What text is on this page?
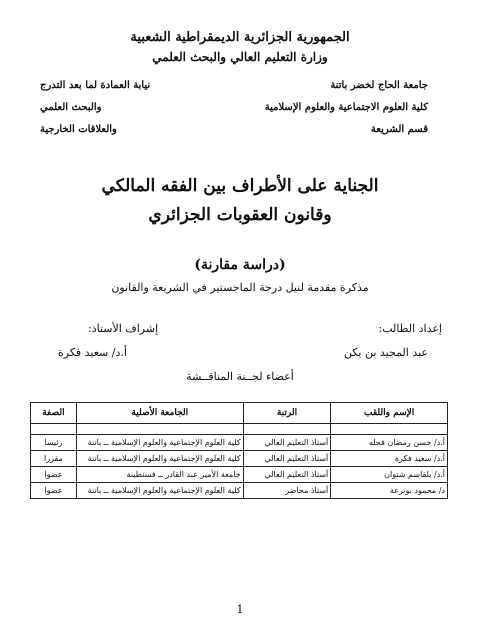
الجمهورية الجزائرية الديمقراطية الشعبية
وزارة التعليم العالي والبحث العلمي
جامعة الحاج لخضر باتنة
كلية العلوم الاجتماعية والعلوم الإسلامية
قسم الشريعة
نيابة العمادة لما بعد التدرج
والبحث العلمي
والعلاقات الخارجية
الجناية على الأطراف بين الفقه المالكي
وقانون العقوبات الجزائري
(دراسة مقارنة)
مذكرة مقدمة لنيل درجة الماجستير في الشريعة والقانون
إعداد الطالب:
عبد المجيد بن يكن
إشراف الأستاذ:
أ.د/ سعيد فكرة
أعضاء لجــنة المناقــشة
الإسم واللقب	الرتبة	الجامعة الأصلية	الصفة

أ.د/ حسن رمضان فحله	أستاذ التعليم العالي	كلية العلوم الإجتماعية والعلوم الإسلامية ــ باتنة	رئيسا
أ.د/ سعيد فكرة	أستاذ التعليم العالي	كلية العلوم الإجتماعية والعلوم الإسلامية ــ باتنة	مقررا
أ.د/ بلقاسم شتوان	أستاذ التعليم العالي	جامعة الأمير عبد القادر ــ قسنطينة	عضوا
د/ محمود بوترعة	أستاذ محاضر	كلية العلوم الإجتماعية والعلوم الإسلامية ــ باتنة	عضوا
1
